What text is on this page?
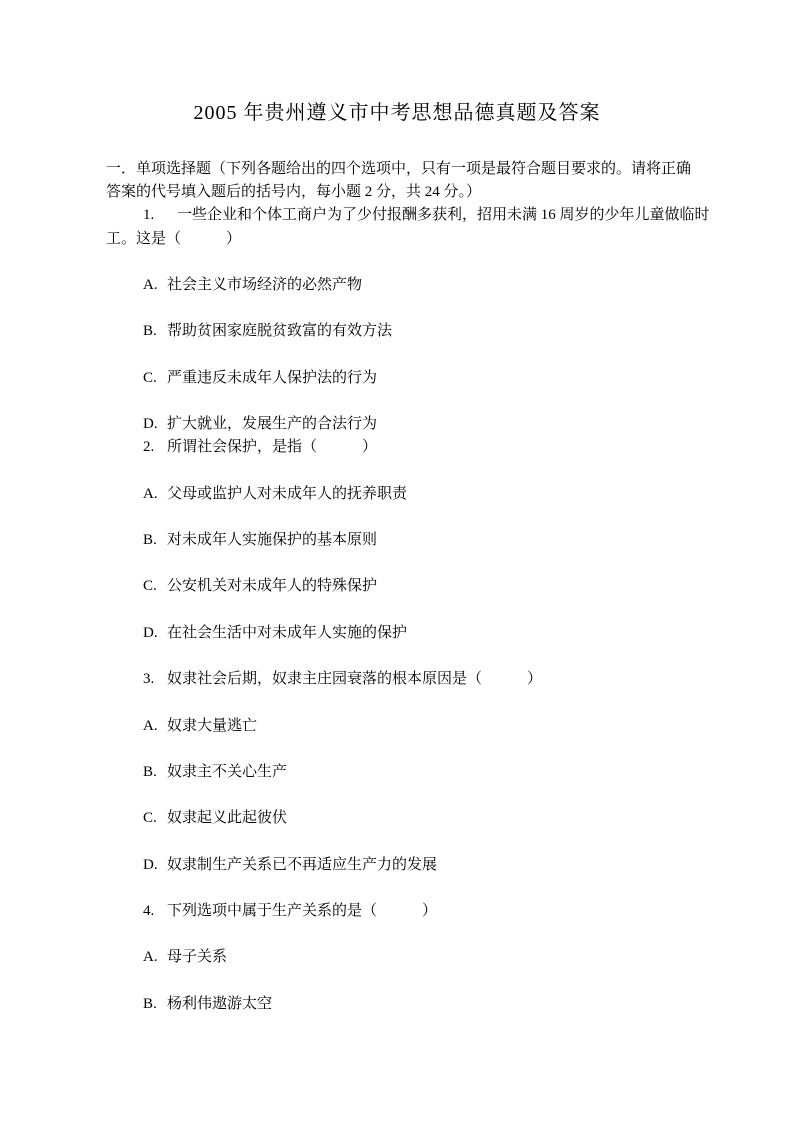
2005 年贵州遵义市中考思想品德真题及答案
一．单项选择题（下列各题给出的四个选项中，只有一项是最符合题目要求的。请将正确
答案的代号填入题后的括号内，每小题 2 分，共 24 分。）
1. 一些企业和个体工商户为了少付报酬多获利，招用未满 16 周岁的少年儿童做临时
工。这是（　　　）
A. 社会主义市场经济的必然产物
B. 帮助贫困家庭脱贫致富的有效方法
C. 严重违反未成年人保护法的行为
D. 扩大就业，发展生产的合法行为
2. 所谓社会保护，是指（　　　）
A. 父母或监护人对未成年人的抚养职责
B. 对未成年人实施保护的基本原则
C. 公安机关对未成年人的特殊保护
D. 在社会生活中对未成年人实施的保护
3. 奴隶社会后期，奴隶主庄园衰落的根本原因是（　　　）
A. 奴隶大量逃亡
B. 奴隶主不关心生产
C. 奴隶起义此起彼伏
D. 奴隶制生产关系已不再适应生产力的发展
4. 下列选项中属于生产关系的是（　　　）
A. 母子关系
B. 杨利伟遨游太空
